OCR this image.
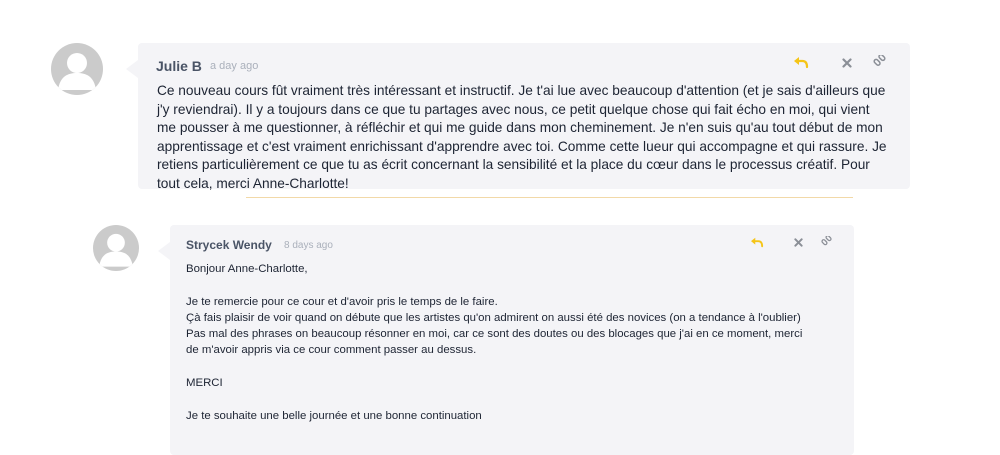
Julie B a day ago
Ce nouveau cours fût vraiment très intéressant et instructif. Je t'ai lue avec beaucoup d'attention (et je sais d'ailleurs que j'y reviendrai). Il y a toujours dans ce que tu partages avec nous, ce petit quelque chose qui fait écho en moi, qui vient me pousser à me questionner, à réfléchir et qui me guide dans mon cheminement. Je n'en suis qu'au tout début de mon apprentissage et c'est vraiment enrichissant d'apprendre avec toi. Comme cette lueur qui accompagne et qui rassure. Je retiens particulièrement ce que tu as écrit concernant la sensibilité et la place du cœur dans le processus créatif. Pour tout cela, merci Anne-Charlotte!
Strycek Wendy 8 days ago

Bonjour Anne-Charlotte,

Je te remercie pour ce cour et d'avoir pris le temps de le faire.

Çà fais plaisir de voir quand on débute que les artistes qu'on admirent on aussi été des novices (on a tendance à l'oublier)

Pas mal des phrases on beaucoup résonner en moi, car ce sont des doutes ou des blocages que j'ai en ce moment, merci de m'avoir appris via ce cour comment passer au dessus.

MERCI

Je te souhaite une belle journée et une bonne continuation
